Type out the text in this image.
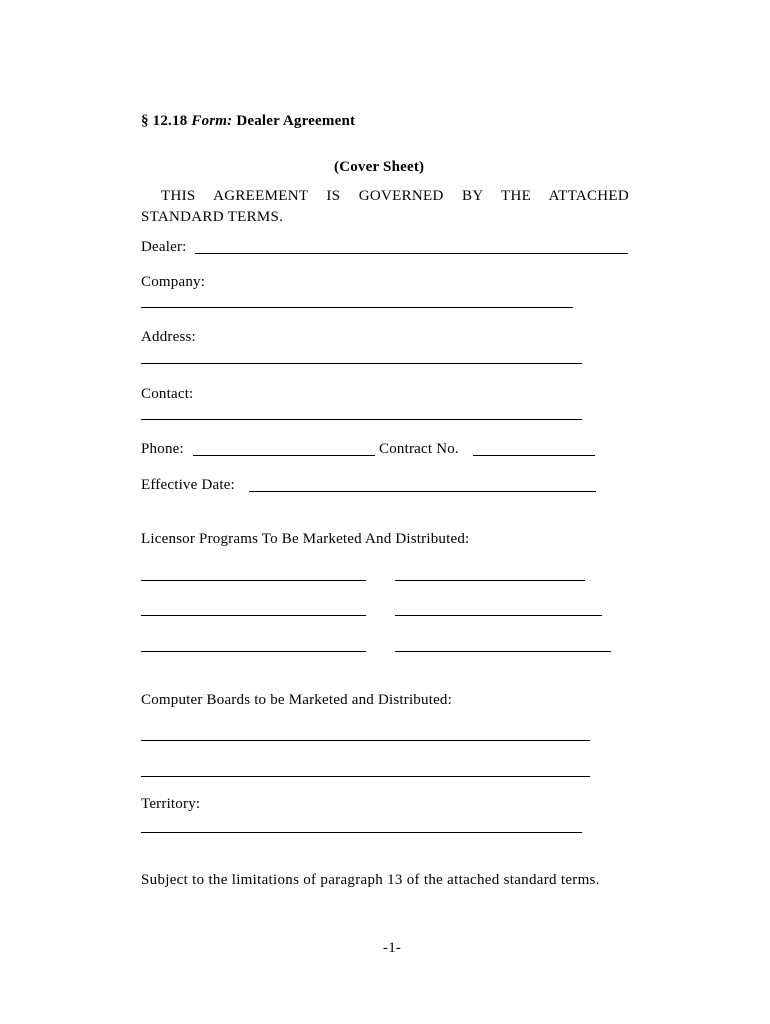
§ 12.18 Form: Dealer Agreement
(Cover Sheet)
THIS AGREEMENT IS GOVERNED BY THE ATTACHED STANDARD TERMS.
Dealer:
Company:
Address:
Contact:
Phone:	Contract No.
Effective Date:
Licensor Programs To Be Marketed And Distributed:
Computer Boards to be Marketed and Distributed:
Territory:
Subject to the limitations of paragraph 13 of the attached standard terms.
-1-
